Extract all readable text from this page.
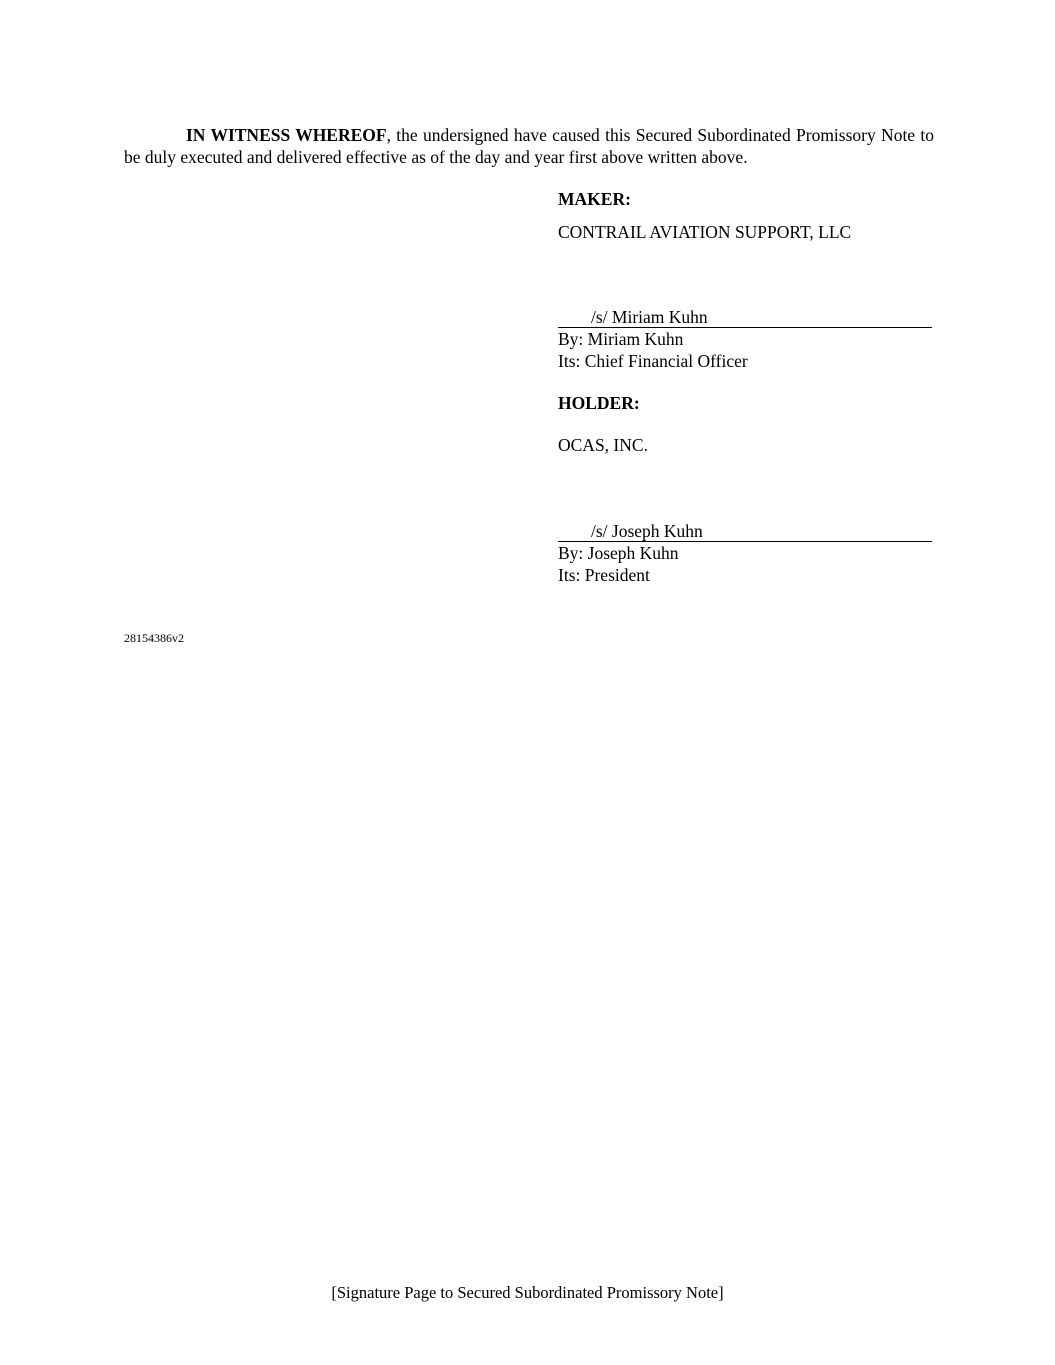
IN WITNESS WHEREOF, the undersigned have caused this Secured Subordinated Promissory Note to be duly executed and delivered effective as of the day and year first above written above.

MAKER:
CONTRAIL AVIATION SUPPORT, LLC
/s/ Miriam Kuhn
By: Miriam Kuhn
Its: Chief Financial Officer
HOLDER:
OCAS, INC.
/s/ Joseph Kuhn
By: Joseph Kuhn
Its: President
28154386v2
[Signature Page to Secured Subordinated Promissory Note]
